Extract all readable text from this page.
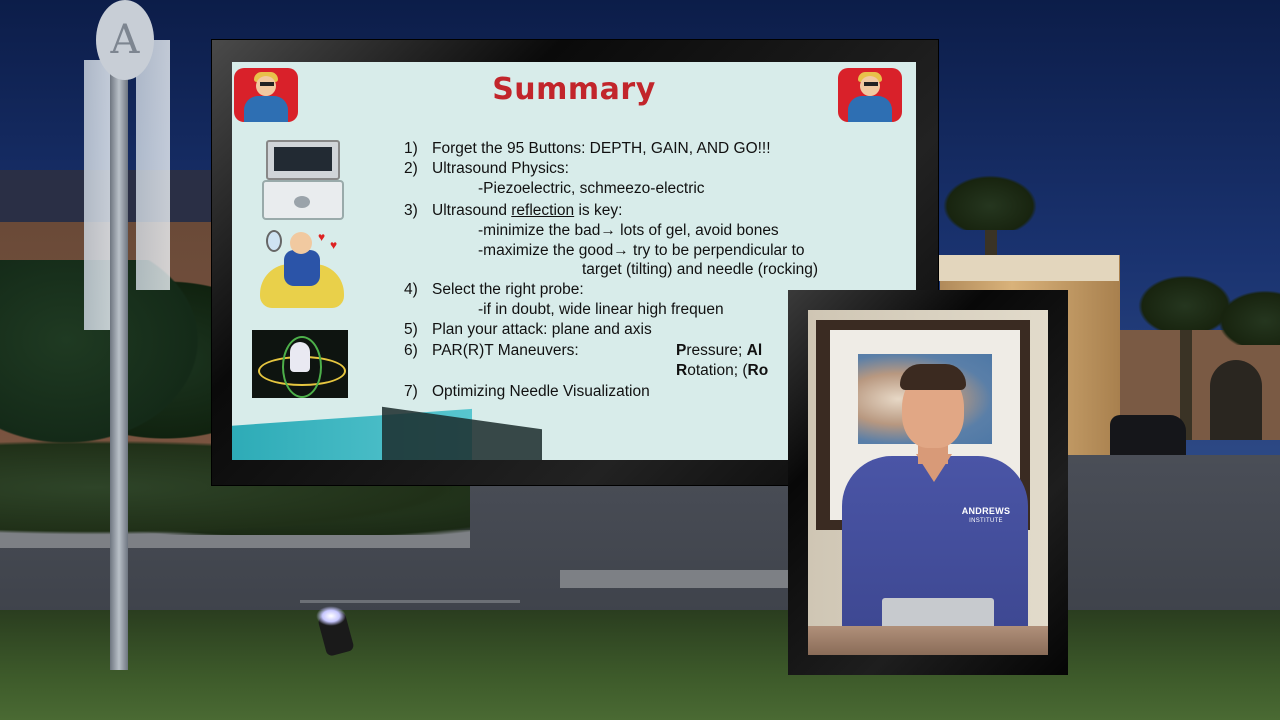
A
Summary
♥
♥
1) Forget the 95 Buttons: DEPTH, GAIN, AND GO!!!
2) Ultrasound Physics:
-Piezoelectric, schmeezo-electric
3) Ultrasound reflection is key:
-minimize the bad→ lots of gel, avoid bones
-maximize the good→ try to be perpendicular to
target (tilting) and needle (rocking)
4) Select the right probe:
-if in doubt, wide linear high frequen
5) Plan your attack: plane and axis
6) PAR(R)T Maneuvers:	Pressure; Al
Rotation; (Ro
7) Optimizing Needle Visualization
ANDREWS
INSTITUTE
